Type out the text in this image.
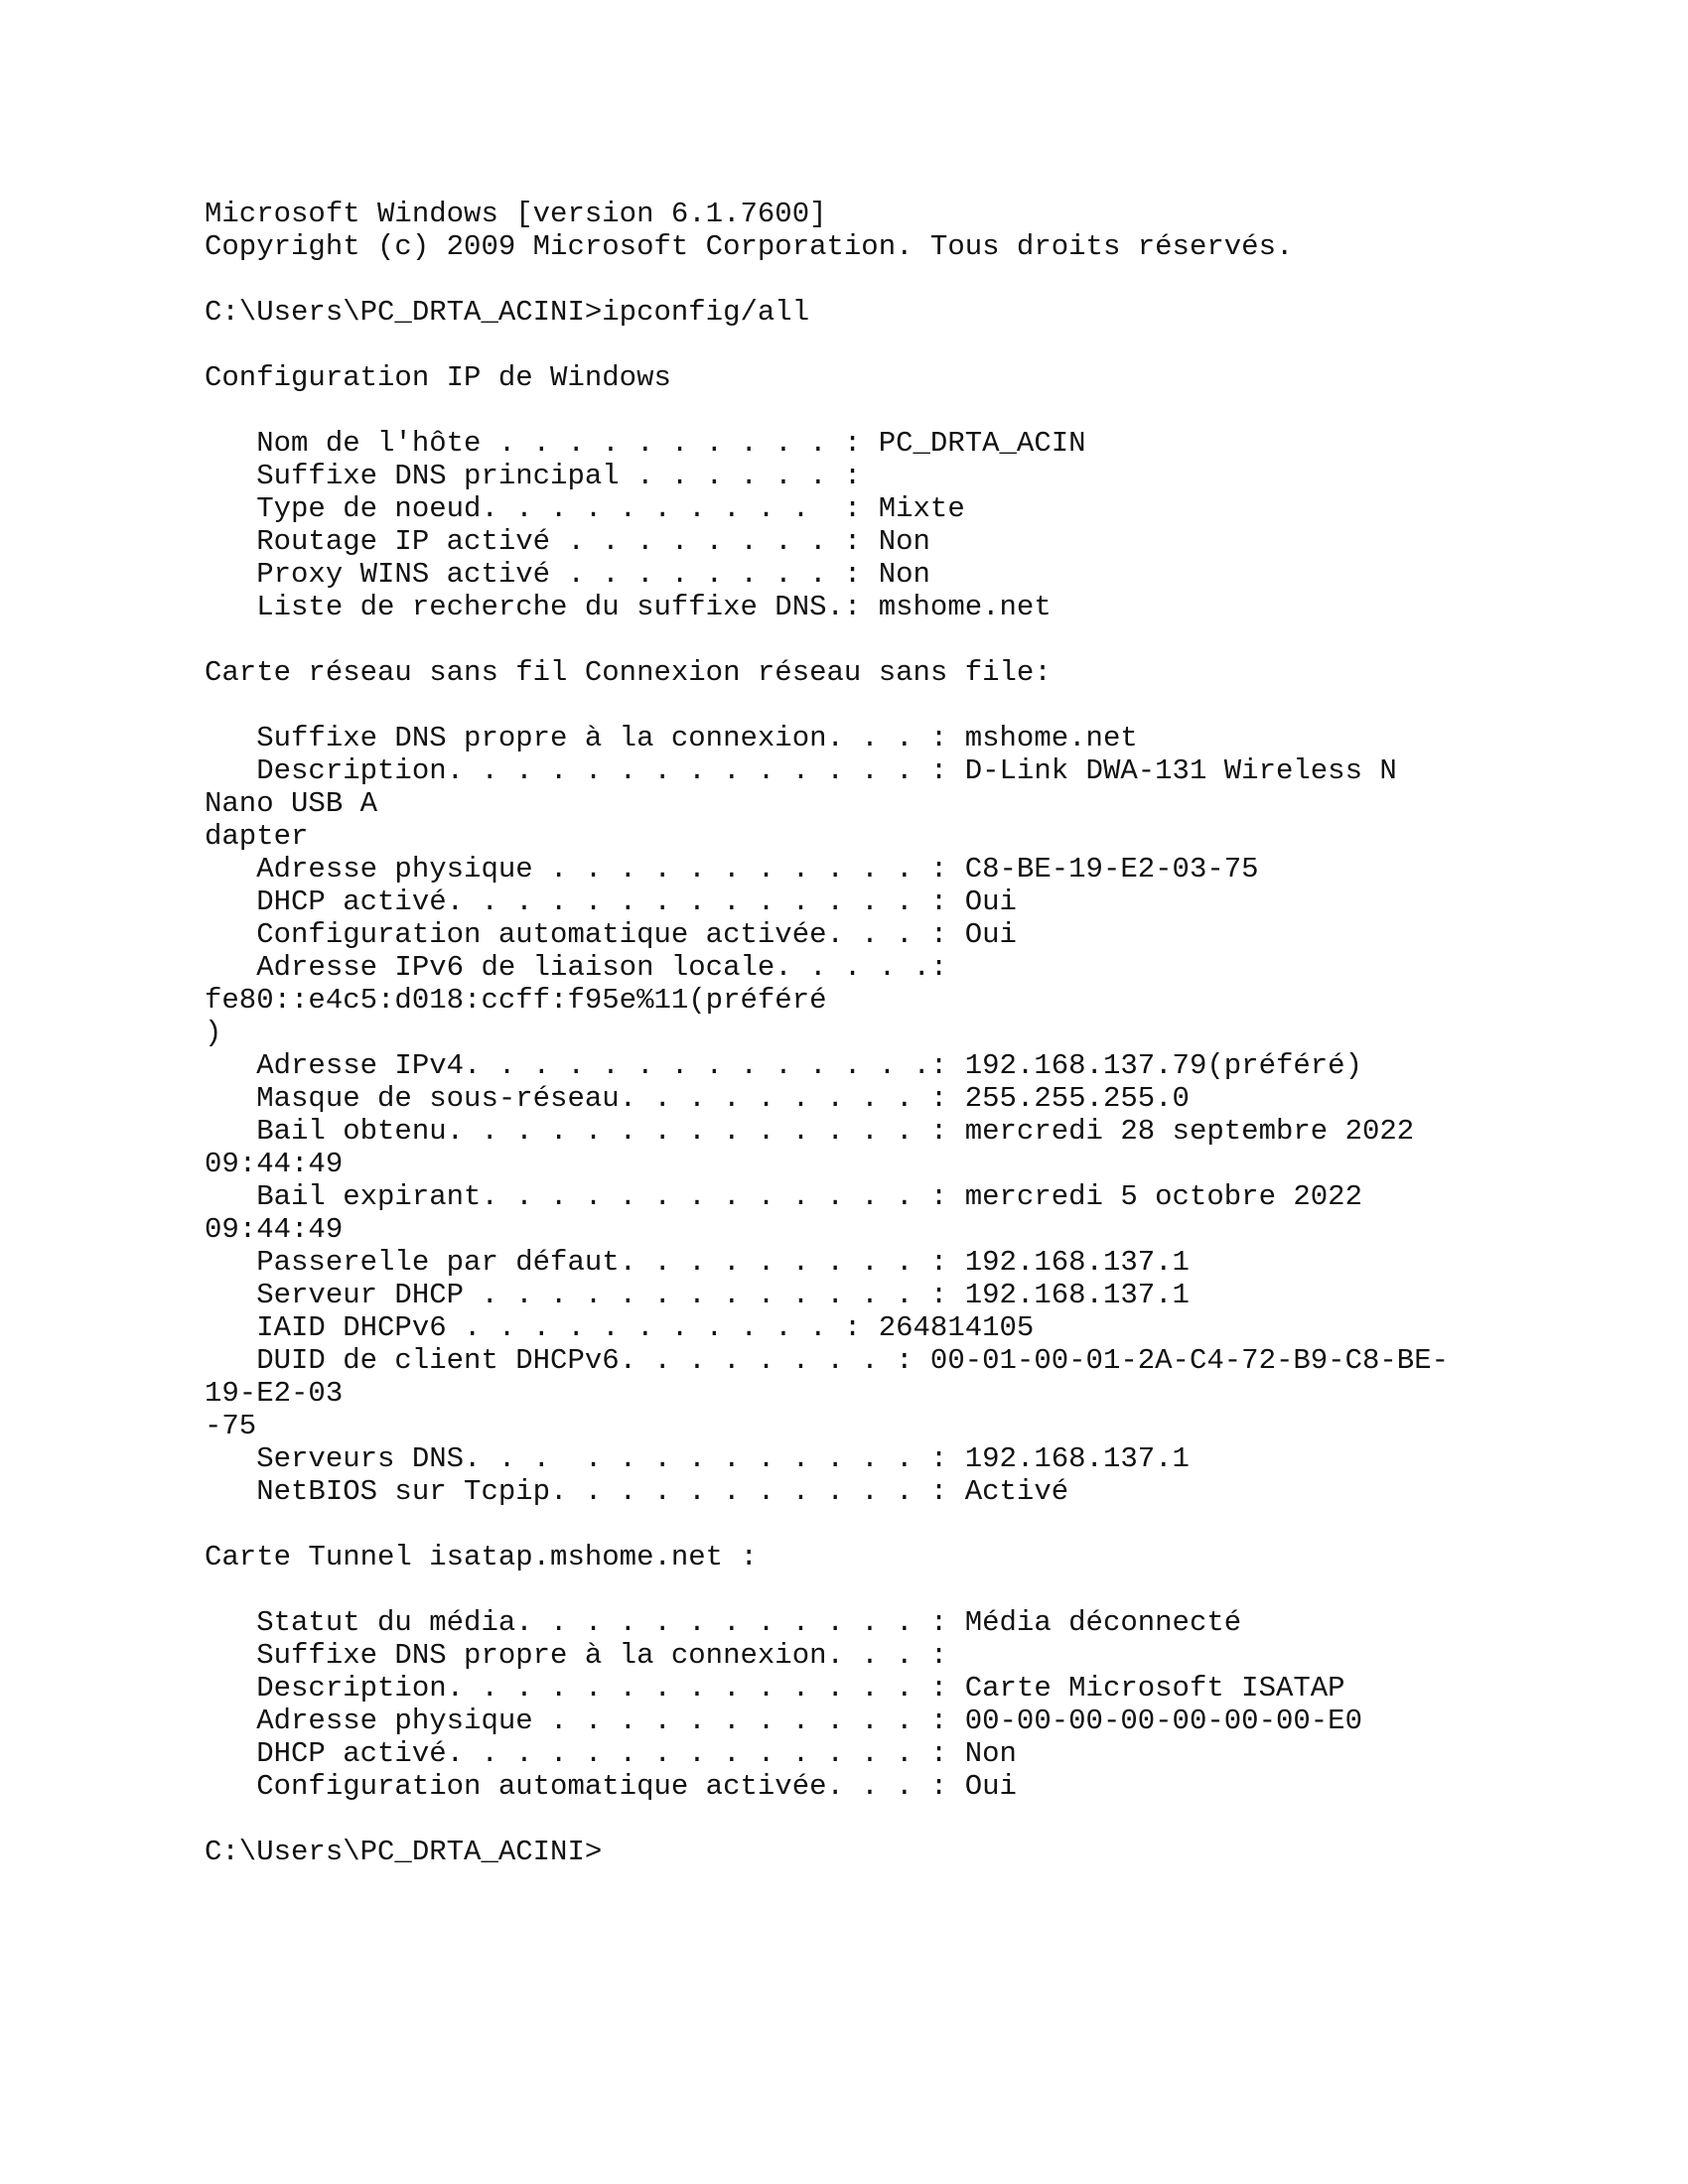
Microsoft Windows [version 6.1.7600]
Copyright (c) 2009 Microsoft Corporation. Tous droits réservés.
C:\Users\PC_DRTA_ACINI>ipconfig/all
Configuration IP de Windows
Nom de l'hôte . . . . . . . . . . : PC_DRTA_ACIN
Suffixe DNS principal . . . . . . :
Type de noeud. . . . . . . . . .  : Mixte
Routage IP activé . . . . . . . . : Non
Proxy WINS activé . . . . . . . . : Non
Liste de recherche du suffixe DNS.: mshome.net
Carte réseau sans fil Connexion réseau sans file:
Suffixe DNS propre à la connexion. . . : mshome.net
Description. . . . . . . . . . . . . . : D-Link DWA-131 Wireless N
Nano USB A
dapter
Adresse physique . . . . . . . . . . . : C8-BE-19-E2-03-75
DHCP activé. . . . . . . . . . . . . . : Oui
Configuration automatique activée. . . : Oui
Adresse IPv6 de liaison locale. . . . .:
fe80::e4c5:d018:ccff:f95e%11(préféré
)
Adresse IPv4. . . . . . . . . . . . . .: 192.168.137.79(préféré)
Masque de sous-réseau. . . . . . . . . : 255.255.255.0
Bail obtenu. . . . . . . . . . . . . . : mercredi 28 septembre 2022
09:44:49
Bail expirant. . . . . . . . . . . . . : mercredi 5 octobre 2022
09:44:49
Passerelle par défaut. . . . . . . . . : 192.168.137.1
Serveur DHCP . . . . . . . . . . . . . : 192.168.137.1
IAID DHCPv6 . . . . . . . . . . . : 264814105
DUID de client DHCPv6. . . . . . . . : 00-01-00-01-2A-C4-72-B9-C8-BE-
19-E2-03
-75
Serveurs DNS. . .  . . . . . . . . . . : 192.168.137.1
NetBIOS sur Tcpip. . . . . . . . . . . : Activé
Carte Tunnel isatap.mshome.net :
Statut du média. . . . . . . . . . . . : Média déconnecté
Suffixe DNS propre à la connexion. . . :
Description. . . . . . . . . . . . . . : Carte Microsoft ISATAP
Adresse physique . . . . . . . . . . . : 00-00-00-00-00-00-00-E0
DHCP activé. . . . . . . . . . . . . . : Non
Configuration automatique activée. . . : Oui
C:\Users\PC_DRTA_ACINI>
